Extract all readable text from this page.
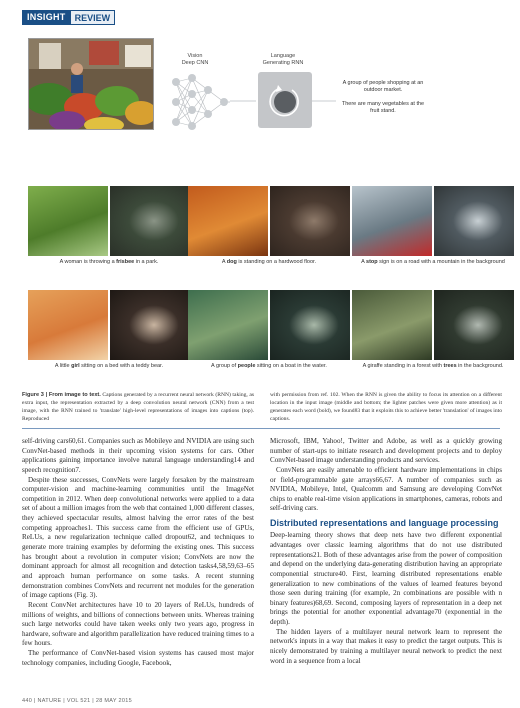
INSIGHT	REVIEW
Vision
Deep CNN
Language
Generating RNN
A group of people shopping at an outdoor market.
There are many vegetables at the fruit stand.
A woman is throwing a frisbee in a park.	A dog is standing on a hardwood floor.	A stop sign is on a road with a mountain in the background
A little girl sitting on a bed with a teddy bear.	A group of people sitting on a boat in the water.	A giraffe standing in a forest with trees in the background.
Figure 3 | From image to text. Captions generated by a recurrent neural network (RNN) taking, as extra input, the representation extracted by a deep convolution neural network (CNN) from a test image, with the RNN trained to 'translate' high-level representations of images into captions (top). Reproduced
with permission from ref. 102. When the RNN is given the ability to focus its attention on a different location in the input image (middle and bottom; the lighter patches were given more attention) as it generates each word (bold), we found83 that it exploits this to achieve better 'translation' of images into captions.

self-driving cars60,61. Companies such as Mobileye and NVIDIA are using such ConvNet-based methods in their upcoming vision systems for cars. Other applications gaining importance involve natural language understanding14 and speech recognition7.

Despite these successes, ConvNets were largely forsaken by the mainstream computer-vision and machine-learning communities until the ImageNet competition in 2012. When deep convolutional networks were applied to a data set of about a million images from the web that contained 1,000 different classes, they achieved spectacular results, almost halving the error rates of the best competing approaches1. This success came from the efficient use of GPUs, ReLUs, a new regularization technique called dropout62, and techniques to generate more training examples by deforming the existing ones. This success has brought about a revolution in computer vision; ConvNets are now the dominant approach for almost all recognition and detection tasks4,58,59,63–65 and approach human performance on some tasks. A recent stunning demonstration combines ConvNets and recurrent net modules for the generation of image captions (Fig. 3).

Recent ConvNet architectures have 10 to 20 layers of ReLUs, hundreds of millions of weights, and billions of connections between units. Whereas training such large networks could have taken weeks only two years ago, progress in hardware, software and algorithm parallelization have reduced training times to a few hours.

The performance of ConvNet-based vision systems has caused most major technology companies, including Google, Facebook,

Microsoft, IBM, Yahoo!, Twitter and Adobe, as well as a quickly growing number of start-ups to initiate research and development projects and to deploy ConvNet-based image understanding products and services.

ConvNets are easily amenable to efficient hardware implementations in chips or field-programmable gate arrays66,67. A number of companies such as NVIDIA, Mobileye, Intel, Qualcomm and Samsung are developing ConvNet chips to enable real-time vision applications in smartphones, cameras, robots and self-driving cars.

Distributed representations and language processing

Deep-learning theory shows that deep nets have two different exponential advantages over classic learning algorithms that do not use distributed representations21. Both of these advantages arise from the power of composition and depend on the underlying data-generating distribution having an appropriate componential structure40. First, learning distributed representations enable generalization to new combinations of the values of learned features beyond those seen during training (for example, 2n combinations are possible with n binary features)68,69. Second, composing layers of representation in a deep net brings the potential for another exponential advantage70 (exponential in the depth).

The hidden layers of a multilayer neural network learn to represent the network's inputs in a way that makes it easy to predict the target outputs. This is nicely demonstrated by training a multilayer neural network to predict the next word in a sequence from a local

440 | NATURE | VOL 521 | 28 MAY 2015
